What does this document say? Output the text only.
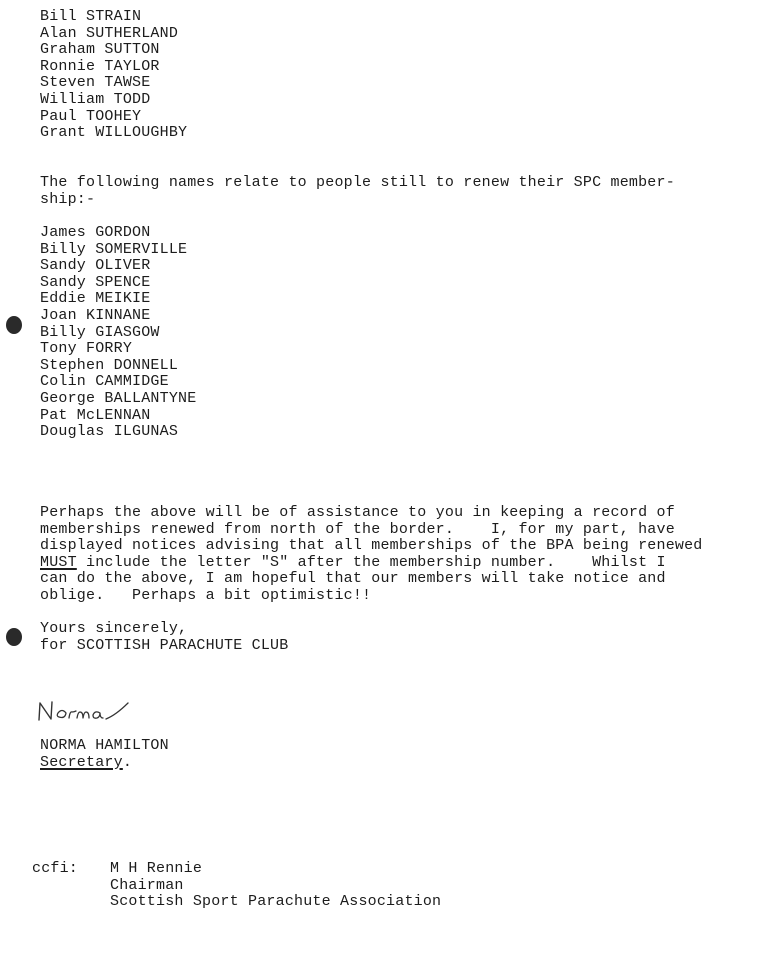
Bill STRAIN
Alan SUTHERLAND
Graham SUTTON
Ronnie TAYLOR
Steven TAWSE
William TODD
Paul TOOHEY
Grant WILLOUGHBY
The following names relate to people still to renew their SPC member-
ship:-
James GORDON
Billy SOMERVILLE
Sandy OLIVER
Sandy SPENCE
Eddie MEIKIE
Joan KINNANE
Billy GIASGOW
Tony FORRY
Stephen DONNELL
Colin CAMMIDGE
George BALLANTYNE
Pat McLENNAN
Douglas ILGUNAS
Perhaps the above will be of assistance to you in keeping a record of
memberships renewed from north of the border.    I, for my part, have
displayed notices advising that all memberships of the BPA being renewed
MUST include the letter "S" after the membership number.    Whilst I
can do the above, I am hopeful that our members will take notice and
oblige.   Perhaps a bit optimistic!!
Yours sincerely,
for SCOTTISH PARACHUTE CLUB
NORMA HAMILTON
Secretary.
ccfi: M H Rennie
Chairman
Scottish Sport Parachute Association
